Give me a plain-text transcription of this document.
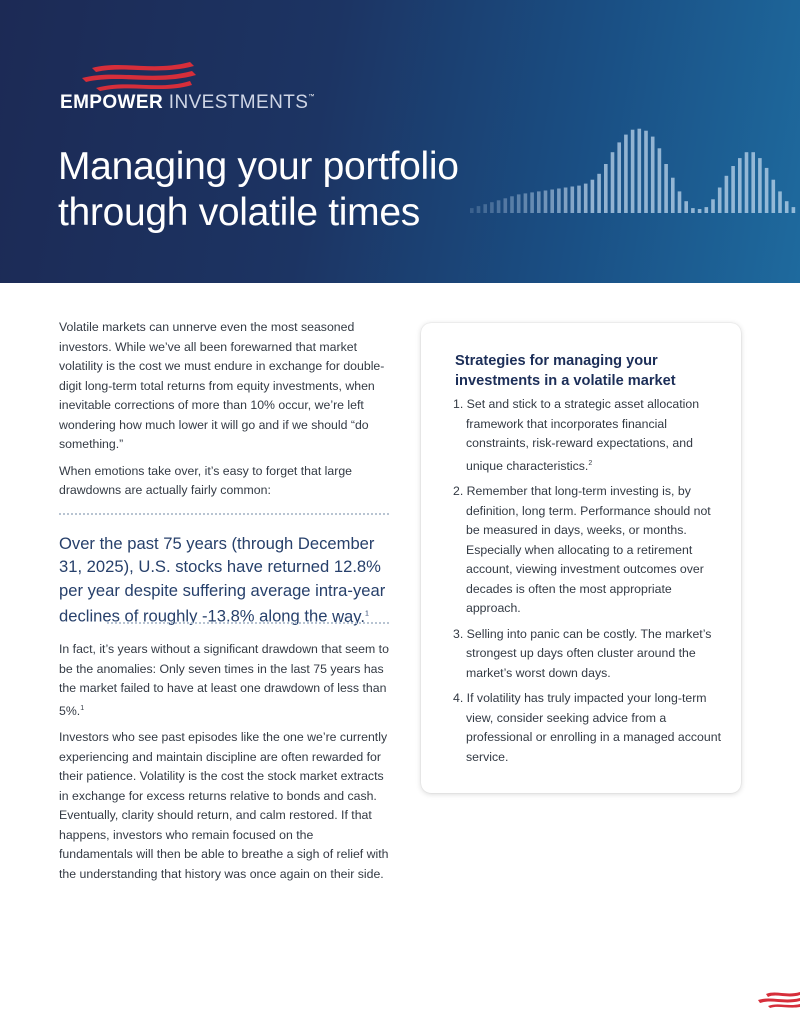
EMPOWER INVESTMENTS™
Managing your portfolio
through volatile times

Volatile markets can unnerve even the most seasoned investors. While we’ve all been forewarned that market volatility is the cost we must endure in exchange for double-digit long-term total returns from equity investments, when inevitable corrections of more than 10% occur, we’re left wondering how much lower it will go and if we should “do something.”

When emotions take over, it’s easy to forget that large drawdowns are actually fairly common:

Over the past 75 years (through December 31, 2025), U.S. stocks have returned 12.8% per year despite suffering average intra-year declines of roughly -13.8% along the way.$^1$

In fact, it’s years without a significant drawdown that seem to be the anomalies: Only seven times in the last 75 years has the market failed to have at least one drawdown of less than 5%.$^1$

Investors who see past episodes like the one we’re currently experiencing and maintain discipline are often rewarded for their patience. Volatility is the cost the stock market extracts in exchange for excess returns relative to bonds and cash. Eventually, clarity should return, and calm restored. If that happens, investors who remain focused on the fundamentals will then be able to breathe a sigh of relief with the understanding that history was once again on their side.

Strategies for managing your investments in a volatile market
1. Set and stick to a strategic asset allocation framework that incorporates financial constraints, risk-reward expectations, and unique characteristics.$^2$
2. Remember that long-term investing is, by definition, long term. Performance should not be measured in days, weeks, or months. Especially when allocating to a retirement account, viewing investment outcomes over decades is often the most appropriate approach.
3. Selling into panic can be costly. The market’s strongest up days often cluster around the market’s worst down days.
4. If volatility has truly impacted your long-term view, consider seeking advice from a professional or enrolling in a managed account service.
